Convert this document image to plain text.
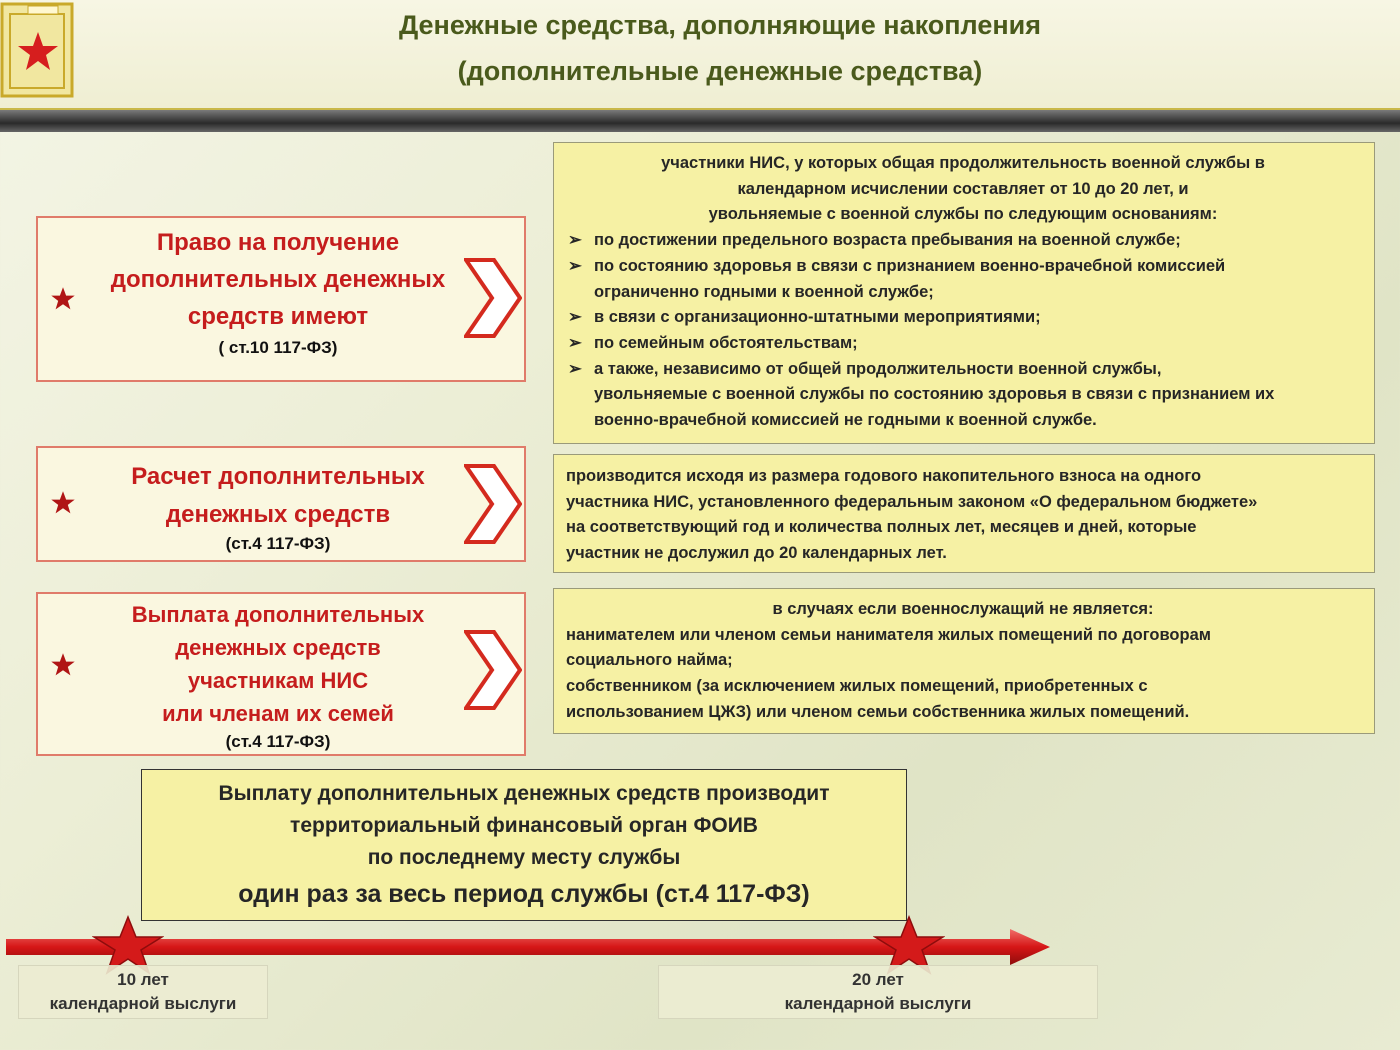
Денежные средства, дополняющие накопления
(дополнительные денежные средства)
Право на получение
дополнительных денежных
средств имеют
( ст.10 117-ФЗ)
участники НИС, у которых общая продолжительность военной службы в
календарном исчислении составляет от 10 до 20 лет, и
увольняемые с военной службы по следующим основаниям:
➢ по достижении предельного возраста пребывания на военной службе;
➢ по состоянию здоровья в связи с признанием военно-врачебной комиссией
ограниченно годными к военной службе;
➢ в связи с организационно-штатными мероприятиями;
➢ по семейным обстоятельствам;
➢ а также, независимо от общей продолжительности военной службы,
увольняемые с военной службы по состоянию здоровья в связи с признанием их
военно-врачебной комиссией не годными к военной службе.
Расчет дополнительных
денежных средств
(ст.4 117-ФЗ)
производится исходя из размера годового накопительного взноса на одного
участника НИС, установленного федеральным законом «О федеральном бюджете»
на соответствующий год и количества полных лет, месяцев и дней, которые
участник не дослужил до 20 календарных лет.
Выплата дополнительных
денежных средств
участникам НИС
или членам их семей
(ст.4 117-ФЗ)
в случаях если военнослужащий не является:
нанимателем или членом семьи нанимателя жилых помещений по договорам
социального найма;
собственником (за исключением жилых помещений, приобретенных с
использованием ЦЖЗ) или членом семьи собственника жилых помещений.
Выплату дополнительных денежных средств производит
территориальный финансовый орган ФОИВ
по последнему месту службы
один раз за весь период службы (ст.4 117-ФЗ)
10 лет
календарной выслуги
20 лет
календарной выслуги
